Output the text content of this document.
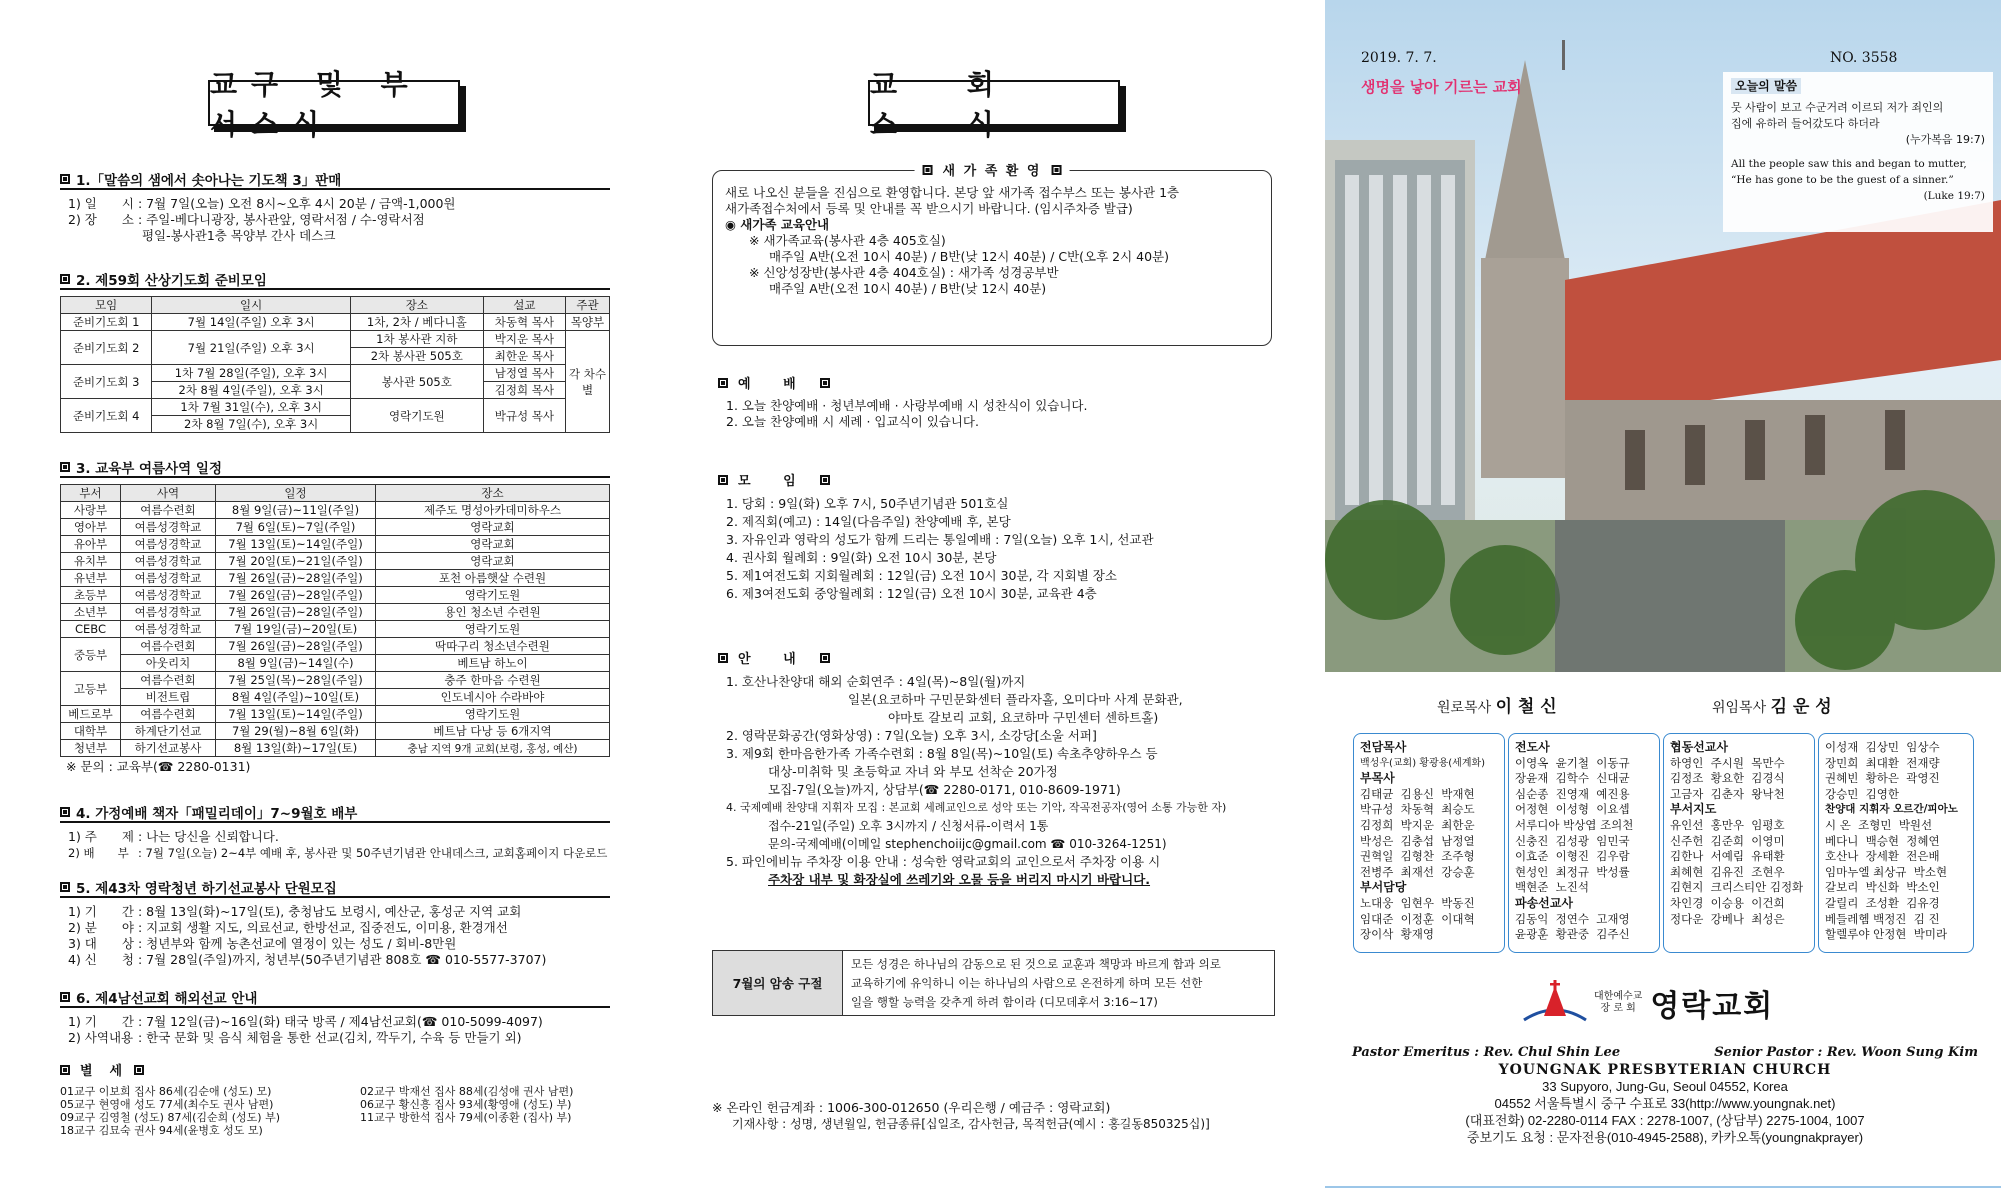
교구 및 부서소식
1.「말씀의 샘에서 솟아나는 기도책 3」판매
1) 일　　시 : 7월 7일(오늘) 오전 8시~오후 4시 20분 / 금액-1,000원
2) 장　　소 : 주일-베다니광장, 봉사관앞, 영락서점 / 수-영락서점
평일-봉사관1층 목양부 간사 데스크
2. 제59회 산상기도회 준비모임
모임	일시	장소	설교	주관
준비기도회 1	7월 14일(주일) 오후 3시	1차, 2차 / 베다니홀	차동혁 목사	목양부
준비기도회 2	7월 21일(주일) 오후 3시	1차 봉사관 지하	박지운 목사	각 차수별
		2차 봉사관 505호	최한운 목사	
준비기도회 3	1차 7월 28일(주일), 오후 3시	봉사관 505호	남정열 목사	
	2차 8월 4일(주일), 오후 3시		김정희 목사	
준비기도회 4	1차 7월 31일(수), 오후 3시	영락기도원	박규성 목사	
	2차 8월 7일(수), 오후 3시			
3. 교육부 여름사역 일정
부서	사역	일정	장소
사랑부	여름수련회	8월 9일(금)~11일(주일)	제주도 명성아카데미하우스
영아부	여름성경학교	7월 6일(토)~7일(주일)	영락교회
유아부	여름성경학교	7월 13일(토)~14일(주일)	영락교회
유치부	여름성경학교	7월 20일(토)~21일(주일)	영락교회
유년부	여름성경학교	7월 26일(금)~28일(주일)	포천 아름햇살 수련원
초등부	여름성경학교	7월 26일(금)~28일(주일)	영락기도원
소년부	여름성경학교	7월 26일(금)~28일(주일)	용인 청소년 수련원
CEBC	여름성경학교	7월 19일(금)~20일(토)	영락기도원
중등부	여름수련회	7월 26일(금)~28일(주일)	딱따구리 청소년수련원
	아웃리치	8월 9일(금)~14일(수)	베트남 하노이
고등부	여름수련회	7월 25일(목)~28일(주일)	충주 한마음 수련원
	비전트립	8월 4일(주일)~10일(토)	인도네시아 수라바야
베드로부	여름수련회	7월 13일(토)~14일(주일)	영락기도원
대학부	하계단기선교	7월 29(월)~8월 6일(화)	베트남 다낭 등 6개지역
청년부	하기선교봉사	8월 13일(화)~17일(토)	충남 지역 9개 교회(보령, 홍성, 예산)
※ 문의 : 교육부(☎ 2280-0131)
4. 가정예배 책자「패밀리데이」7~9월호 배부
1) 주　　제 : 나는 당신을 신뢰합니다.
2) 배　　부 : 7월 7일(오늘) 2~4부 예배 후, 봉사관 및 50주년기념관 안내데스크, 교회홈페이지 다운로드
5. 제43차 영락청년 하기선교봉사 단원모집
1) 기　　간 : 8월 13일(화)~17일(토), 충청남도 보령시, 예산군, 홍성군 지역 교회
2) 분　　야 : 지교회 생활 지도, 의료선교, 한방선교, 집중전도, 이미용, 환경개선
3) 대　　상 : 청년부와 함께 농촌선교에 열정이 있는 성도 / 회비-8만원
4) 신　　청 : 7월 28일(주일)까지, 청년부(50주년기념관 808호 ☎ 010-5577-3707)
6. 제4남선교회 해외선교 안내
1) 기　　간 : 7월 12일(금)~16일(화) 태국 방콕 / 제4남선교회(☎ 010-5099-4097)
2) 사역내용 : 한국 문화 및 음식 체험을 통한 선교(김치, 깍두기, 수육 등 만들기 외)
별　세
01교구 이보희 집사 86세(김순애 (성도) 모)
05교구 현영애 성도 77세(최수도 권사 남편)
09교구 김영철 (성도) 87세(김순희 (성도) 부)
18교구 김묘숙 권사 94세(윤병호 성도 모)
02교구 박재선 집사 88세(김성애 권사 남편)
06교구 황신흥 집사 93세(황영애 (성도) 부)
11교구 방한석 집사 79세(이종환 (집사) 부)
교 회 소 식
새 가 족 환 영
새로 나오신 분들을 진심으로 환영합니다. 본당 앞 새가족 접수부스 또는 봉사관 1층
새가족접수처에서 등록 및 안내를 꼭 받으시기 바랍니다. (임시주차증 발급)
◉ 새가족 교육안내
※ 새가족교육(봉사관 4층 405호실)
매주일 A반(오전 10시 40분) / B반(낮 12시 40분) / C반(오후 2시 40분)
※ 신앙성장반(봉사관 4층 404호실) : 새가족 성경공부반
매주일 A반(오전 10시 40분) / B반(낮 12시 40분)
예 배
1. 오늘 찬양예배 · 청년부예배 · 사랑부예배 시 성찬식이 있습니다.
2. 오늘 찬양예배 시 세례 · 입교식이 있습니다.
모 임
1. 당회 : 9일(화) 오후 7시, 50주년기념관 501호실
2. 제직회(예고) : 14일(다음주일) 찬양예배 후, 본당
3. 자유인과 영락의 성도가 함께 드리는 통일예배 : 7일(오늘) 오후 1시, 선교관
4. 권사회 월례회 : 9일(화) 오전 10시 30분, 본당
5. 제1여전도회 지회월례회 : 12일(금) 오전 10시 30분, 각 지회별 장소
6. 제3여전도회 중앙월례회 : 12일(금) 오전 10시 30분, 교육관 4층
안 내
1. 호산나찬양대 해외 순회연주 : 4일(목)~8일(월)까지
일본(요코하마 구민문화센터 플라자홀, 오미다마 사계 문화관,
야마토 갈보리 교회, 요코하마 구민센터 센하트홀)
2. 영락문화공간(영화상영) : 7일(오늘) 오후 3시, 소강당[소울 서퍼]
3. 제9회 한마음한가족 가족수련회 : 8월 8일(목)~10일(토) 속초추양하우스 등
대상-미취학 및 초등학교 자녀 와 부모 선착순 20가정
모집-7일(오늘)까지, 상담부(☎ 2280-0171, 010-8609-1971)
4. 국제예배 찬양대 지휘자 모집 : 본교회 세례교인으로 성악 또는 기악, 작곡전공자(영어 소통 가능한 자)
접수-21일(주일) 오후 3시까지 / 신청서류-이력서 1통
문의-국제예배(이메일 stephenchoiijc@gmail.com ☎ 010-3264-1251)
5. 파인에비뉴 주차장 이용 안내 : 성숙한 영락교회의 교인으로서 주차장 이용 시
주차장 내부 및 화장실에 쓰레기와 오물 등을 버리지 마시기 바랍니다.
7월의 암송 구절
모든 성경은 하나님의 감동으로 된 것으로 교훈과 책망과 바르게 함과 의로
교육하기에 유익하니 이는 하나님의 사람으로 온전하게 하며 모든 선한
일을 행할 능력을 갖추게 하려 함이라 (디모데후서 3:16~17)
※ 온라인 헌금계좌 : 1006-300-012650 (우리은행 / 예금주 : 영락교회)
기재사항 : 성명, 생년월일, 헌금종류[십일조, 감사헌금, 목적헌금(예시 : 홍길동850325십)]
2019. 7. 7.
생명을 낳아 기르는 교회
NO. 3558
오늘의 말씀
뭇 사람이 보고 수군거려 이르되 저가 죄인의
집에 유하러 들어갔도다 하더라
(누가복음 19:7)
All the people saw this and began to mutter,
“He has gone to be the guest of a sinner.”
(Luke 19:7)
원로목사 이 철 신	위임목사 김 운 성
전담목사
백성우(교회) 황광용(세계화)
부목사
김태균  김용신  박재현
박규성  차동혁  최승도
김정희  박지운  최한운
박성은  김충섭  남정열
권혁일  김형찬  조주형
전병주  최재선  강승훈
부서담당
노대웅  임현우  박동진
임대준  이정훈  이대혁
장이삭  황재영
전도사
이영옥  윤기철  이동규
장윤재  김학수  신대균
심순종  진영재  예진용
어정현  이성형  이요셉
서루디아 박상엽 조의천
신충진  김성광  임민국
이효준  이형진  김우람
현성인  최정규  박성률
백현준  노진석
파송선교사
김동익  정연수  고재영
윤광훈  황관중  김주신
협동선교사
하영인  주시원  목만수
김정조  황요한  김경식
고금자  김춘자  왕낙천
부서지도
유인선  홍만우  임평호
신주헌  김준희  이영미
김한나  서예림  유태환
최혜현  김유진  조현우
김현지  크리스티안 김정화
차인경  이승용  이건희
정다운  강베나  최성은
이성재  김상민  임상수
장민희  최대환  전재량
권혜빈  황하은  곽영진
강승민  김영한
찬양대 지휘자 오르간/피아노
시 온  조형민  박원선
베다니  백승현  정혜연
호산나  장세환  전은배
임마누엘 최상규  박소현
갈보리  박신화  박소인
갈릴리  조성환  김유경
베들레헴 백정진  김 진
할렐루야 안정현  박미라
대한예수교
장 로 회 영락교회
Pastor Emeritus : Rev. Chul Shin Lee	Senior Pastor : Rev. Woon Sung Kim
YOUNGNAK PRESBYTERIAN CHURCH
33 Supyoro, Jung-Gu, Seoul 04552, Korea
04552 서울특별시 중구 수표로 33(http://www.youngnak.net)
(대표전화) 02-2280-0114 FAX : 2278-1007, (상담부) 2275-1004, 1007
중보기도 요청 : 문자전용(010-4945-2588), 카카오톡(youngnakprayer)
